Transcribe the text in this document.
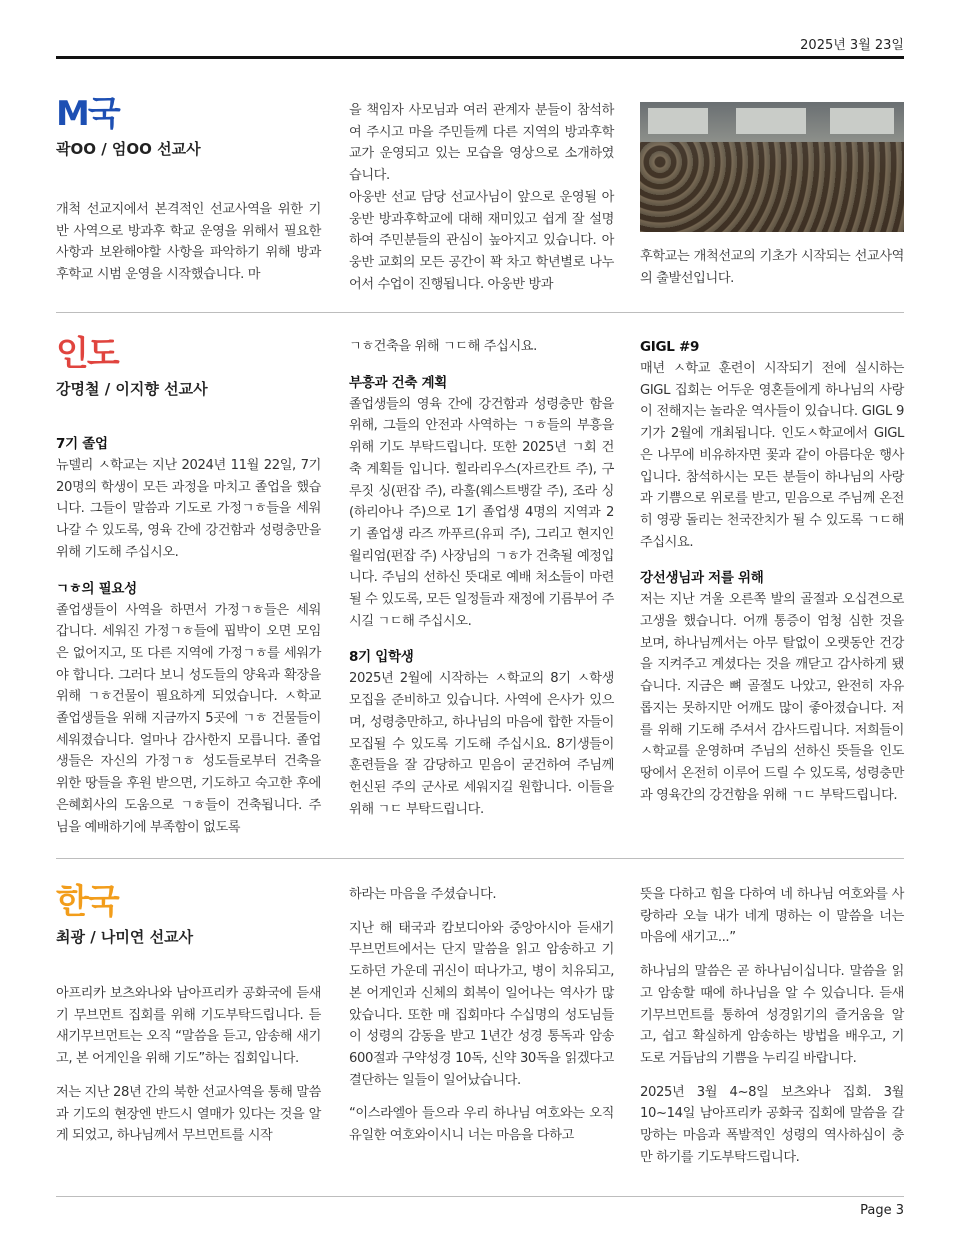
2025년 3월 23일
M국
곽OO / 엄OO 선교사

개척 선교지에서 본격적인 선교사역을 위한 기반 사역으로 방과후 학교 운영을 위해서 필요한 사항과 보완해야할 사항을 파악하기 위해 방과후학교 시범 운영을 시작했습니다. 마

을 책임자 사모님과 여러 관계자 분들이 참석하여 주시고 마을 주민들께 다른 지역의 방과후학교가 운영되고 있는 모습을 영상으로 소개하였습니다.

아웅반 선교 담당 선교사님이 앞으로 운영될 아웅반 방과후학교에 대해 재미있고 쉽게 잘 설명하여 주민분들의 관심이 높아지고 있습니다. 아웅반 교회의 모든 공간이 꽉 차고 학년별로 나누어서 수업이 진행됩니다. 아웅반 방과

후학교는 개척선교의 기초가 시작되는 선교사역의 출발선입니다.

인도
강명철 / 이지향 선교사
7기 졸업

뉴델리 ㅅ학교는 지난 2024년 11월 22일, 7기 20명의 학생이 모든 과정을 마치고 졸업을 했습니다. 그들이 말씀과 기도로 가정ㄱㅎ들을 세워 나갈 수 있도록, 영육 간에 강건함과 성령충만을 위해 기도해 주십시오.

ㄱㅎ의 필요성

졸업생들이 사역을 하면서 가정ㄱㅎ들은 세워 갑니다. 세워진 가정ㄱㅎ들에 핍박이 오면 모임은 없어지고, 또 다른 지역에 가정ㄱㅎ를 세워가야 합니다. 그러다 보니 성도들의 양육과 확장을 위해 ㄱㅎ건물이 필요하게 되었습니다. ㅅ학교 졸업생들을 위해 지금까지 5곳에 ㄱㅎ 건물들이 세워졌습니다. 얼마나 감사한지 모릅니다. 졸업생들은 자신의 가정ㄱㅎ 성도들로부터 건축을 위한 땅들을 후원 받으면, 기도하고 숙고한 후에 은혜회사의 도움으로 ㄱㅎ들이 건축됩니다. 주님을 예배하기에 부족함이 없도록

ㄱㅎ건축을 위해 ㄱㄷ해 주십시요.

부흥과 건축 계획

졸업생들의 영육 간에 강건함과 성령충만 함을 위해, 그들의 안전과 사역하는 ㄱㅎ들의 부흥을 위해 기도 부탁드립니다. 또한 2025년 ㄱ회 건축 계획들 입니다. 힐라리우스(자르칸트 주), 구루짓 싱(펀잡 주), 라훌(웨스트뱅갈 주), 조라 싱(하리아나 주)으로 1기 졸업생 4명의 지역과 2기 졸업생 라즈 까푸르(유피 주), 그리고 현지인 윌리엄(펀잡 주) 사장님의 ㄱㅎ가 건축될 예정입니다. 주님의 선하신 뜻대로 예배 처소들이 마련될 수 있도록, 모든 일정들과 재정에 기름부어 주시길 ㄱㄷ해 주십시오.

8기 입학생

2025년 2월에 시작하는 ㅅ학교의 8기 ㅅ학생 모집을 준비하고 있습니다. 사역에 은사가 있으며, 성령충만하고, 하나님의 마음에 합한 자들이 모집될 수 있도록 기도해 주십시요. 8기생들이 훈련들을 잘 감당하고 믿음이 굳건하여 주님께 헌신된 주의 군사로 세워지길 원합니다. 이들을 위해 ㄱㄷ 부탁드립니다.

GIGL #9

매년 ㅅ학교 훈련이 시작되기 전에 실시하는 GIGL 집회는 어두운 영혼들에게 하나님의 사랑이 전해지는 놀라운 역사들이 있습니다. GIGL 9기가 2월에 개최됩니다. 인도ㅅ학교에서 GIGL은 나무에 비유하자면 꽃과 같이 아름다운 행사입니다. 참석하시는 모든 분들이 하나님의 사랑과 기쁨으로 위로를 받고, 믿음으로 주님께 온전히 영광 돌리는 천국잔치가 될 수 있도록 ㄱㄷ해 주십시요.

강선생님과 저를 위해

저는 지난 겨울 오른쪽 발의 골절과 오십견으로 고생을 했습니다. 어깨 통증이 엄청 심한 것을 보며, 하나님께서는 아무 탈없이 오랫동안 건강을 지켜주고 계셨다는 것을 깨닫고 감사하게 됐습니다. 지금은 뼈 골절도 나았고, 완전히 자유롭지는 못하지만 어깨도 많이 좋아졌습니다. 저를 위해 기도해 주셔서 감사드립니다. 저희들이 ㅅ학교를 운영하며 주님의 선하신 뜻들을 인도 땅에서 온전히 이루어 드릴 수 있도록, 성령충만과 영육간의 강건함을 위해 ㄱㄷ 부탁드립니다.

한국
최광 / 나미연 선교사

아프리카 보츠와나와 남아프리카 공화국에 듣새기 무브먼트 집회를 위해 기도부탁드립니다. 듣새기무브먼트는 오직 “말씀을 듣고, 암송해 새기고, 본 어게인을 위해 기도”하는 집회입니다.

저는 지난 28년 간의 북한 선교사역을 통해 말씀과 기도의 현장엔 반드시 열매가 있다는 것을 알게 되었고, 하나님께서 무브먼트를 시작

하라는 마음을 주셨습니다.

지난 해 태국과 캄보디아와 중앙아시아 듣새기 무브먼트에서는 단지 말씀을 읽고 암송하고 기도하던 가운데 귀신이 떠나가고, 병이 치유되고, 본 어게인과 신체의 회복이 일어나는 역사가 많았습니다. 또한 매 집회마다 수십명의 성도님들이 성령의 감동을 받고 1년간 성경 통독과 암송 600절과 구약성경 10독, 신약 30독을 읽겠다고 결단하는 일들이 일어났습니다.

“이스라엘아 들으라 우리 하나님 여호와는 오직 유일한 여호와이시니 너는 마음을 다하고

뜻을 다하고 힘을 다하여 네 하나님 여호와를 사랑하라 오늘 내가 네게 명하는 이 말씀을 너는 마음에 새기고...”

하나님의 말씀은 곧 하나님이십니다. 말씀을 읽고 암송할 때에 하나님을 알 수 있습니다. 듣새기무브먼트를 통하여 성경읽기의 즐거움을 알고, 쉽고 확실하게 암송하는 방법을 배우고, 기도로 거듭남의 기쁨을 누리길 바랍니다.

2025년 3월 4~8일 보츠와나 집회. 3월 10~14일 남아프리카 공화국 집회에 말씀을 갈망하는 마음과 폭발적인 성령의 역사하심이 충만 하기를 기도부탁드립니다.

Page 3
